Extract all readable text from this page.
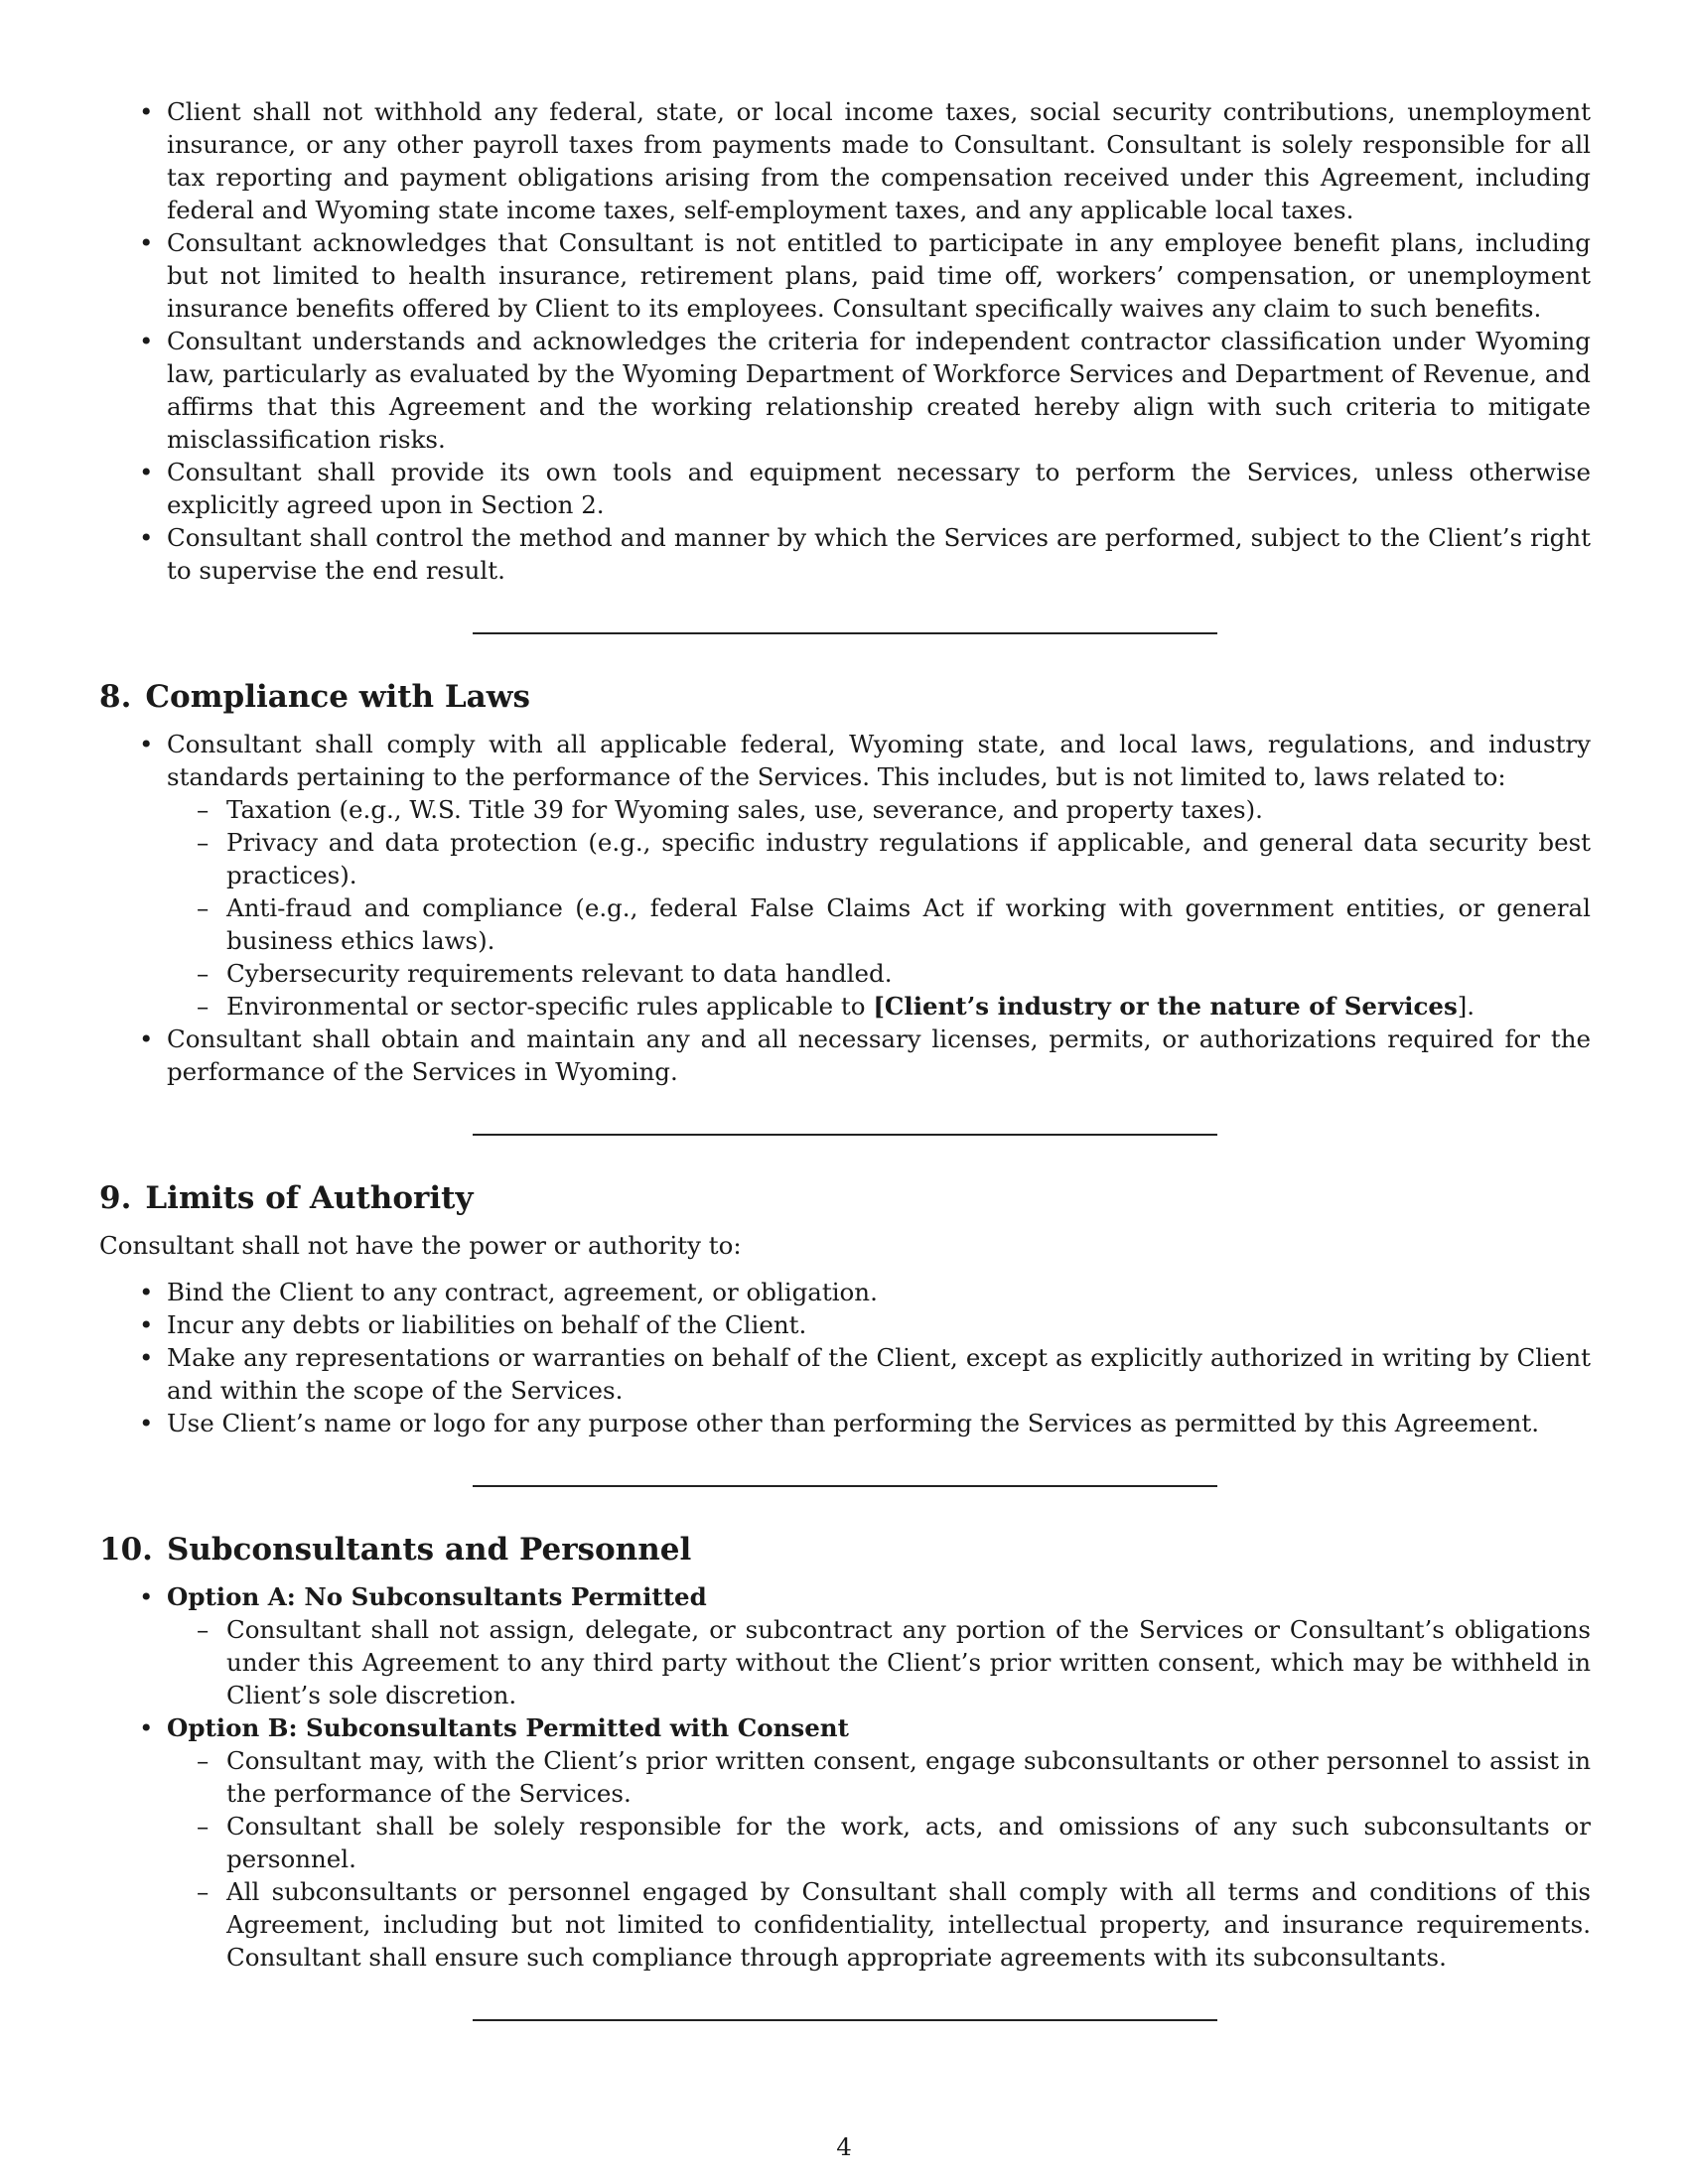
• Client shall not withhold any federal, state, or local income taxes, social security contributions, unemployment insurance, or any other payroll taxes from payments made to Consultant. Consultant is solely responsible for all tax reporting and payment obligations arising from the compensation received under this Agreement, including federal and Wyoming state income taxes, self-employment taxes, and any applicable local taxes.
• Consultant acknowledges that Consultant is not entitled to participate in any employee benefit plans, including but not limited to health insurance, retirement plans, paid time off, workers’ compensation, or unemployment insurance benefits offered by Client to its employees. Consultant specifically waives any claim to such benefits.
• Consultant understands and acknowledges the criteria for independent contractor classification under Wyoming law, particularly as evaluated by the Wyoming Department of Workforce Services and Department of Revenue, and affirms that this Agreement and the working relationship created hereby align with such criteria to mitigate misclassification risks.
• Consultant shall provide its own tools and equipment necessary to perform the Services, unless otherwise explicitly agreed upon in Section 2.
• Consultant shall control the method and manner by which the Services are performed, subject to the Client’s right to supervise the end result.
8. Compliance with Laws
• Consultant shall comply with all applicable federal, Wyoming state, and local laws, regulations, and industry standards pertaining to the performance of the Services. This includes, but is not limited to, laws related to:
– Taxation (e.g., W.S. Title 39 for Wyoming sales, use, severance, and property taxes).
– Privacy and data protection (e.g., specific industry regulations if applicable, and general data security best practices).
– Anti-fraud and compliance (e.g., federal False Claims Act if working with government entities, or general business ethics laws).
– Cybersecurity requirements relevant to data handled.
– Environmental or sector-specific rules applicable to [Client’s industry or the nature of Services].
• Consultant shall obtain and maintain any and all necessary licenses, permits, or authorizations required for the performance of the Services in Wyoming.
9. Limits of Authority

Consultant shall not have the power or authority to:

• Bind the Client to any contract, agreement, or obligation.
• Incur any debts or liabilities on behalf of the Client.
• Make any representations or warranties on behalf of the Client, except as explicitly authorized in writing by Client and within the scope of the Services.
• Use Client’s name or logo for any purpose other than performing the Services as permitted by this Agreement.
10. Subconsultants and Personnel
• Option A: No Subconsultants Permitted
– Consultant shall not assign, delegate, or subcontract any portion of the Services or Consultant’s obligations under this Agreement to any third party without the Client’s prior written consent, which may be withheld in Client’s sole discretion.
• Option B: Subconsultants Permitted with Consent
– Consultant may, with the Client’s prior written consent, engage subconsultants or other personnel to assist in the performance of the Services.
– Consultant shall be solely responsible for the work, acts, and omissions of any such subconsultants or personnel.
– All subconsultants or personnel engaged by Consultant shall comply with all terms and conditions of this Agreement, including but not limited to confidentiality, intellectual property, and insurance requirements. Consultant shall ensure such compliance through appropriate agreements with its subconsultants.
4
